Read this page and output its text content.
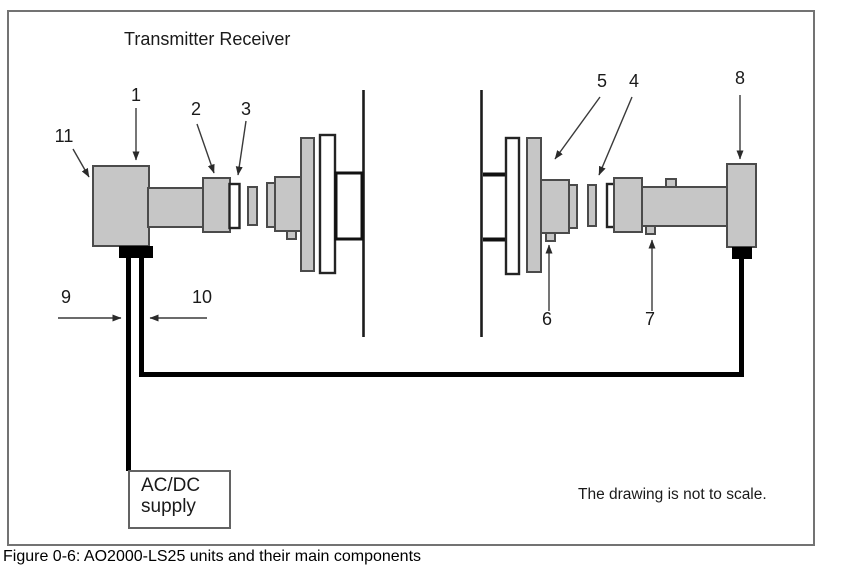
Transmitter Receiver
11
1
2 3
5 4	8
9	10
6	7
AC/DC
supply
The drawing is not to scale.
Figure 0-6: AO2000-LS25 units and their main components
